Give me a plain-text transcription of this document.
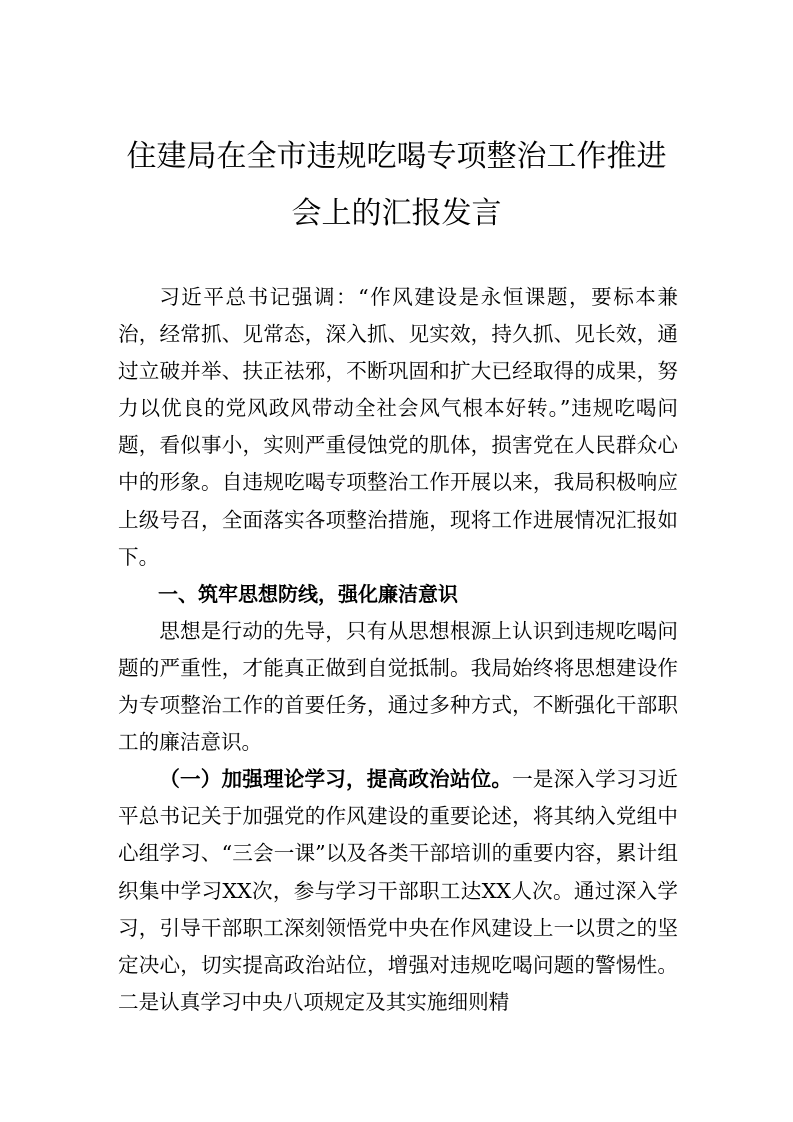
住建局在全市违规吃喝专项整治工作推进
会上的汇报发言

习近平总书记强调：“作风建设是永恒课题，要标本兼治，经常抓、见常态，深入抓、见实效，持久抓、见长效，通过立破并举、扶正祛邪，不断巩固和扩大已经取得的成果，努力以优良的党风政风带动全社会风气根本好转。”违规吃喝问题，看似事小，实则严重侵蚀党的肌体，损害党在人民群众心中的形象。自违规吃喝专项整治工作开展以来，我局积极响应上级号召，全面落实各项整治措施，现将工作进展情况汇报如下。

一、筑牢思想防线，强化廉洁意识

思想是行动的先导，只有从思想根源上认识到违规吃喝问题的严重性，才能真正做到自觉抵制。我局始终将思想建设作为专项整治工作的首要任务，通过多种方式，不断强化干部职工的廉洁意识。

（一）加强理论学习，提高政治站位。一是深入学习习近平总书记关于加强党的作风建设的重要论述，将其纳入党组中心组学习、“三会一课”以及各类干部培训的重要内容，累计组织集中学习XX次，参与学习干部职工达XX人次。通过深入学习，引导干部职工深刻领悟党中央在作风建设上一以贯之的坚定决心，切实提高政治站位，增强对违规吃喝问题的警惕性。二是认真学习中央八项规定及其实施细则精
